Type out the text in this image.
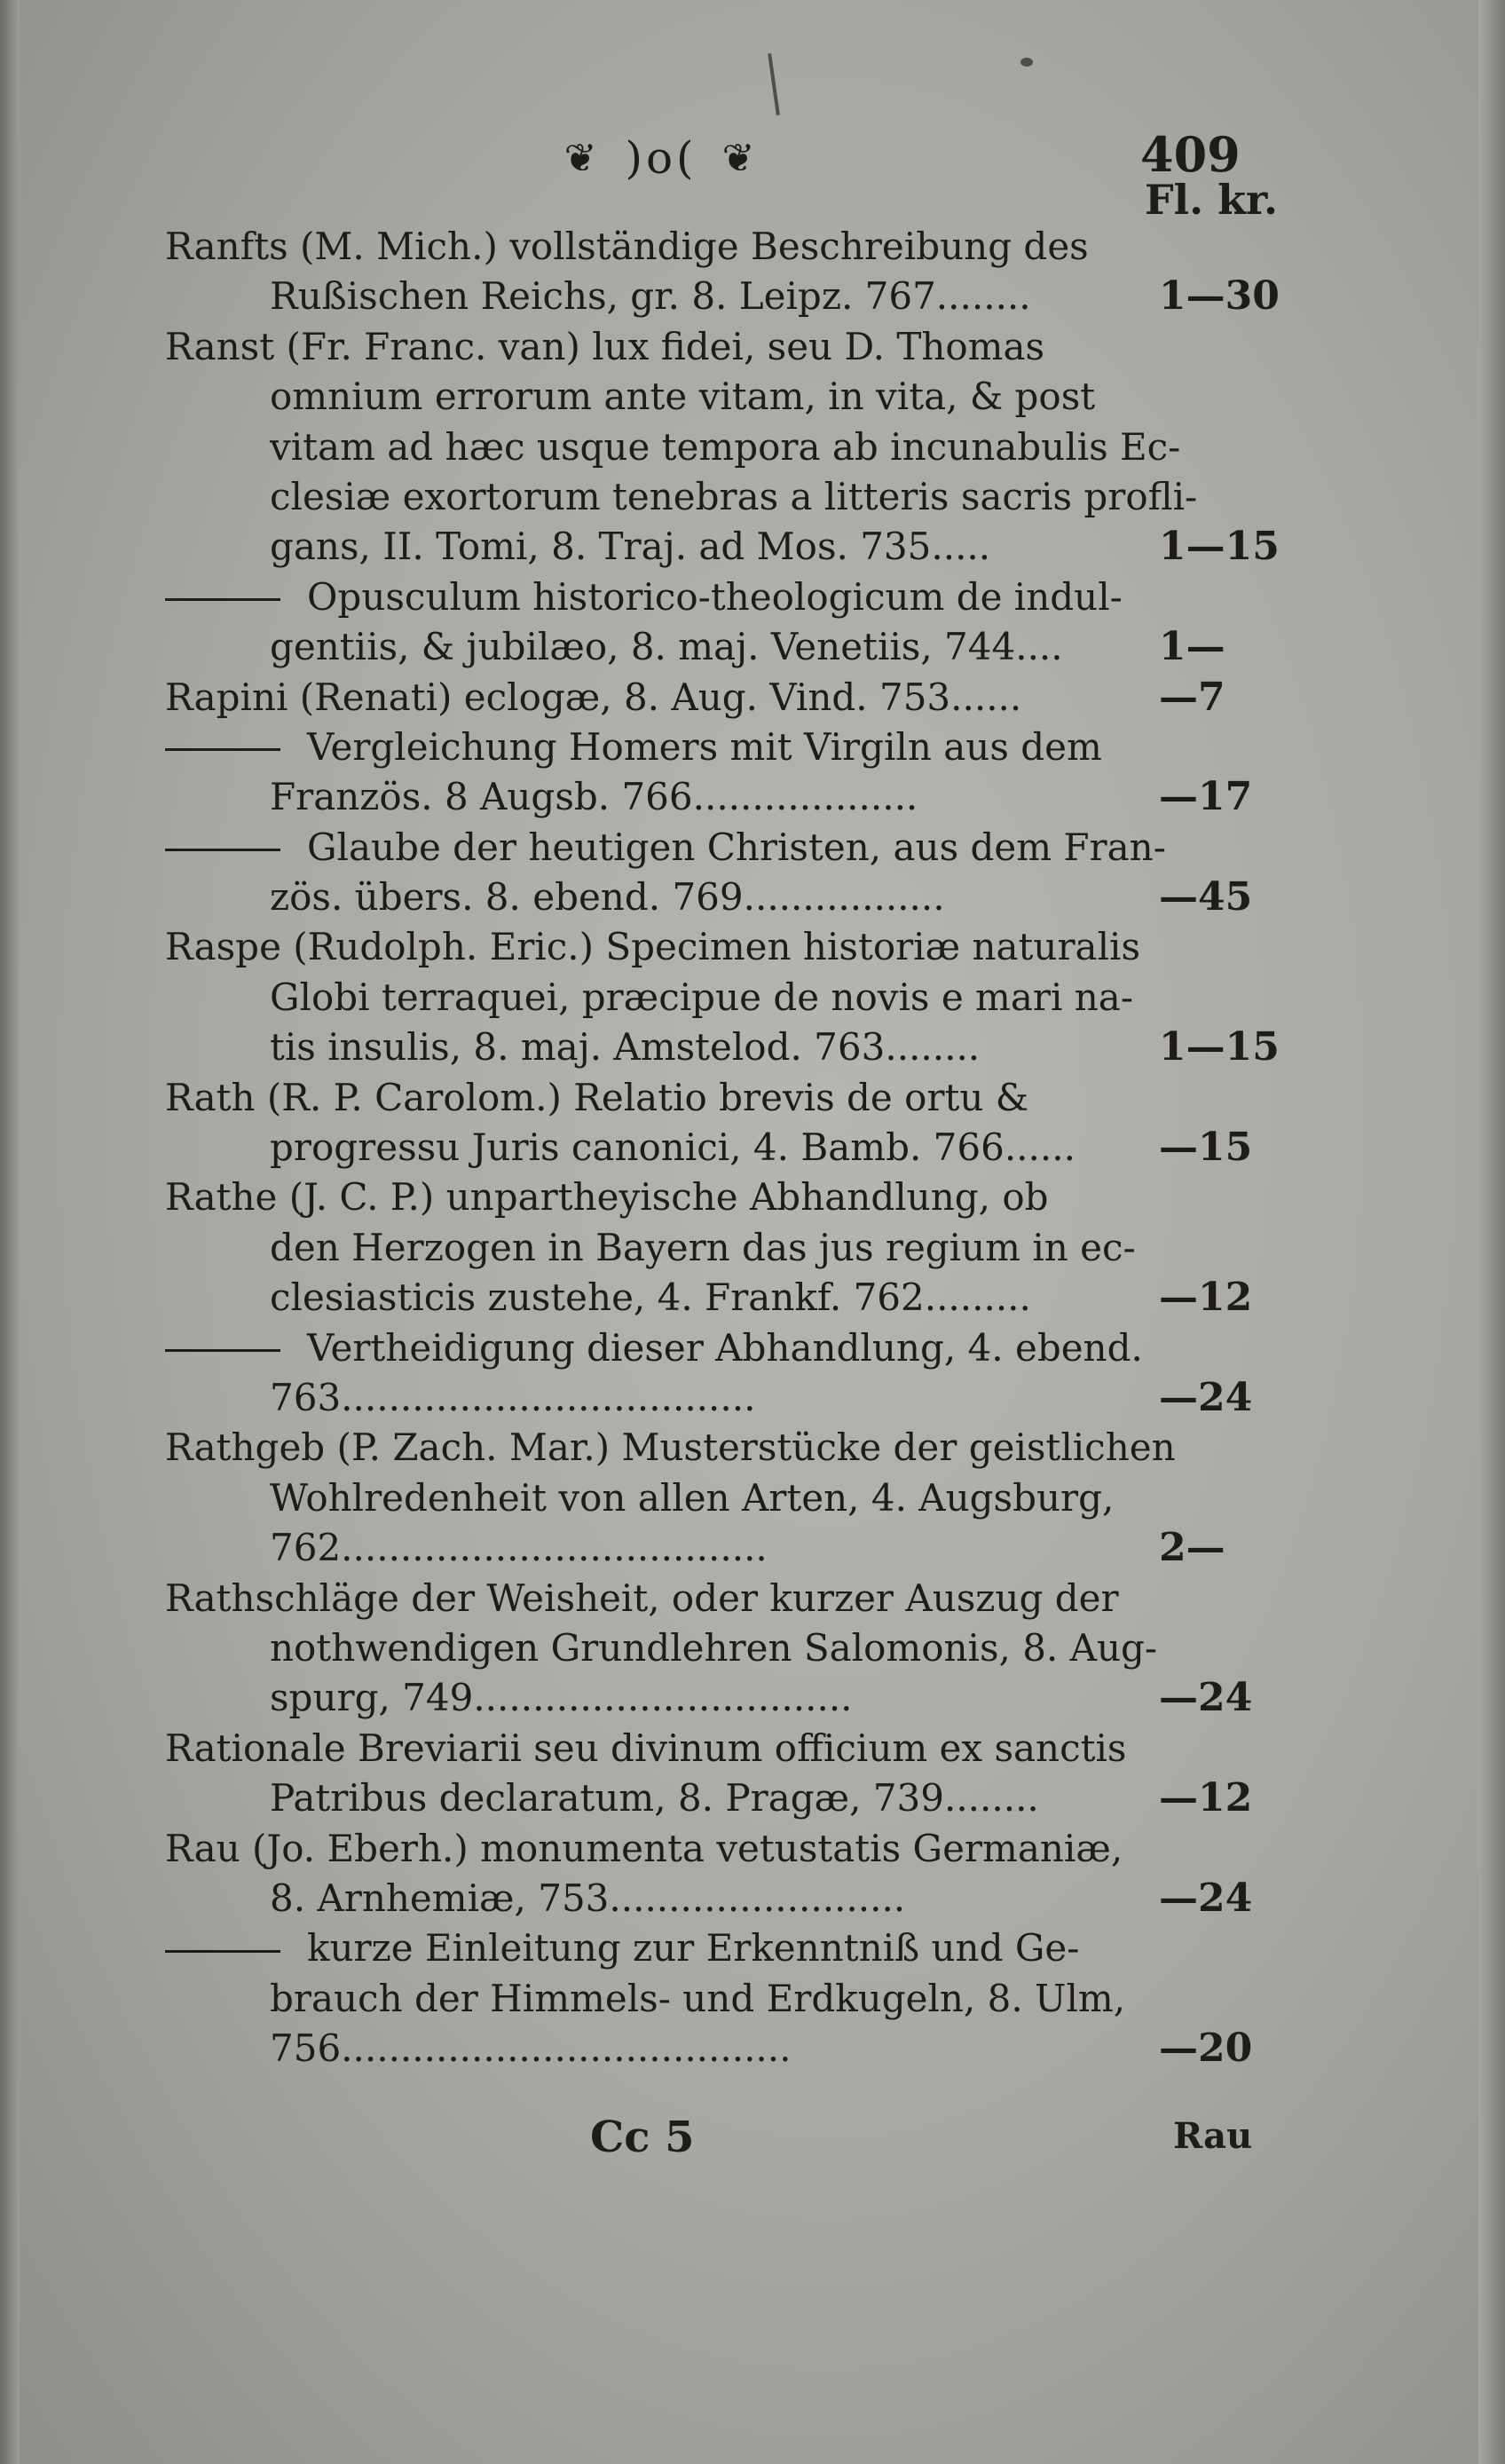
❦ )o( ❦	409
Fl. kr.
Ranfts (M. Mich.) vollständige Beschreibung des
Rußischen Reichs, gr. 8. Leipz. 767........	1—30
Ranst (Fr. Franc. van) lux fidei, seu D. Thomas
omnium errorum ante vitam, in vita, & post
vitam ad hæc usque tempora ab incunabulis Ec-
clesiæ exortorum tenebras a litteris sacris profli-
gans, II. Tomi, 8. Traj. ad Mos. 735.....	1—15
Opusculum historico-theologicum de indul-
gentiis, & jubilæo, 8. maj. Venetiis, 744.... 1—
Rapini (Renati) eclogæ, 8. Aug. Vind. 753......	—7
Vergleichung Homers mit Virgiln aus dem
Französ. 8 Augsb. 766...................	—17
Glaube der heutigen Christen, aus dem Fran-
zös. übers. 8. ebend. 769.................	—45
Raspe (Rudolph. Eric.) Specimen historiæ naturalis
Globi terraquei, præcipue de novis e mari na-
tis insulis, 8. maj. Amstelod. 763........	1—15
Rath (R. P. Carolom.) Relatio brevis de ortu &
progressu Juris canonici, 4. Bamb. 766...... —15
Rathe (J. C. P.) unpartheyische Abhandlung, ob
den Herzogen in Bayern das jus regium in ec-
clesiasticis zustehe, 4. Frankf. 762.........	—12
Vertheidigung dieser Abhandlung, 4. ebend.
763...................................	—24
Rathgeb (P. Zach. Mar.) Musterstücke der geistlichen
Wohlredenheit von allen Arten, 4. Augsburg,
762....................................	2—
Rathschläge der Weisheit, oder kurzer Auszug der
nothwendigen Grundlehren Salomonis, 8. Aug-
spurg, 749................................	—24
Rationale Breviarii seu divinum officium ex sanctis
Patribus declaratum, 8. Pragæ, 739........	—12
Rau (Jo. Eberh.) monumenta vetustatis Germaniæ,
8. Arnhemiæ, 753.........................	—24
kurze Einleitung zur Erkenntniß und Ge-
brauch der Himmels- und Erdkugeln, 8. Ulm,
756......................................	—20
Cc 5	Rau
